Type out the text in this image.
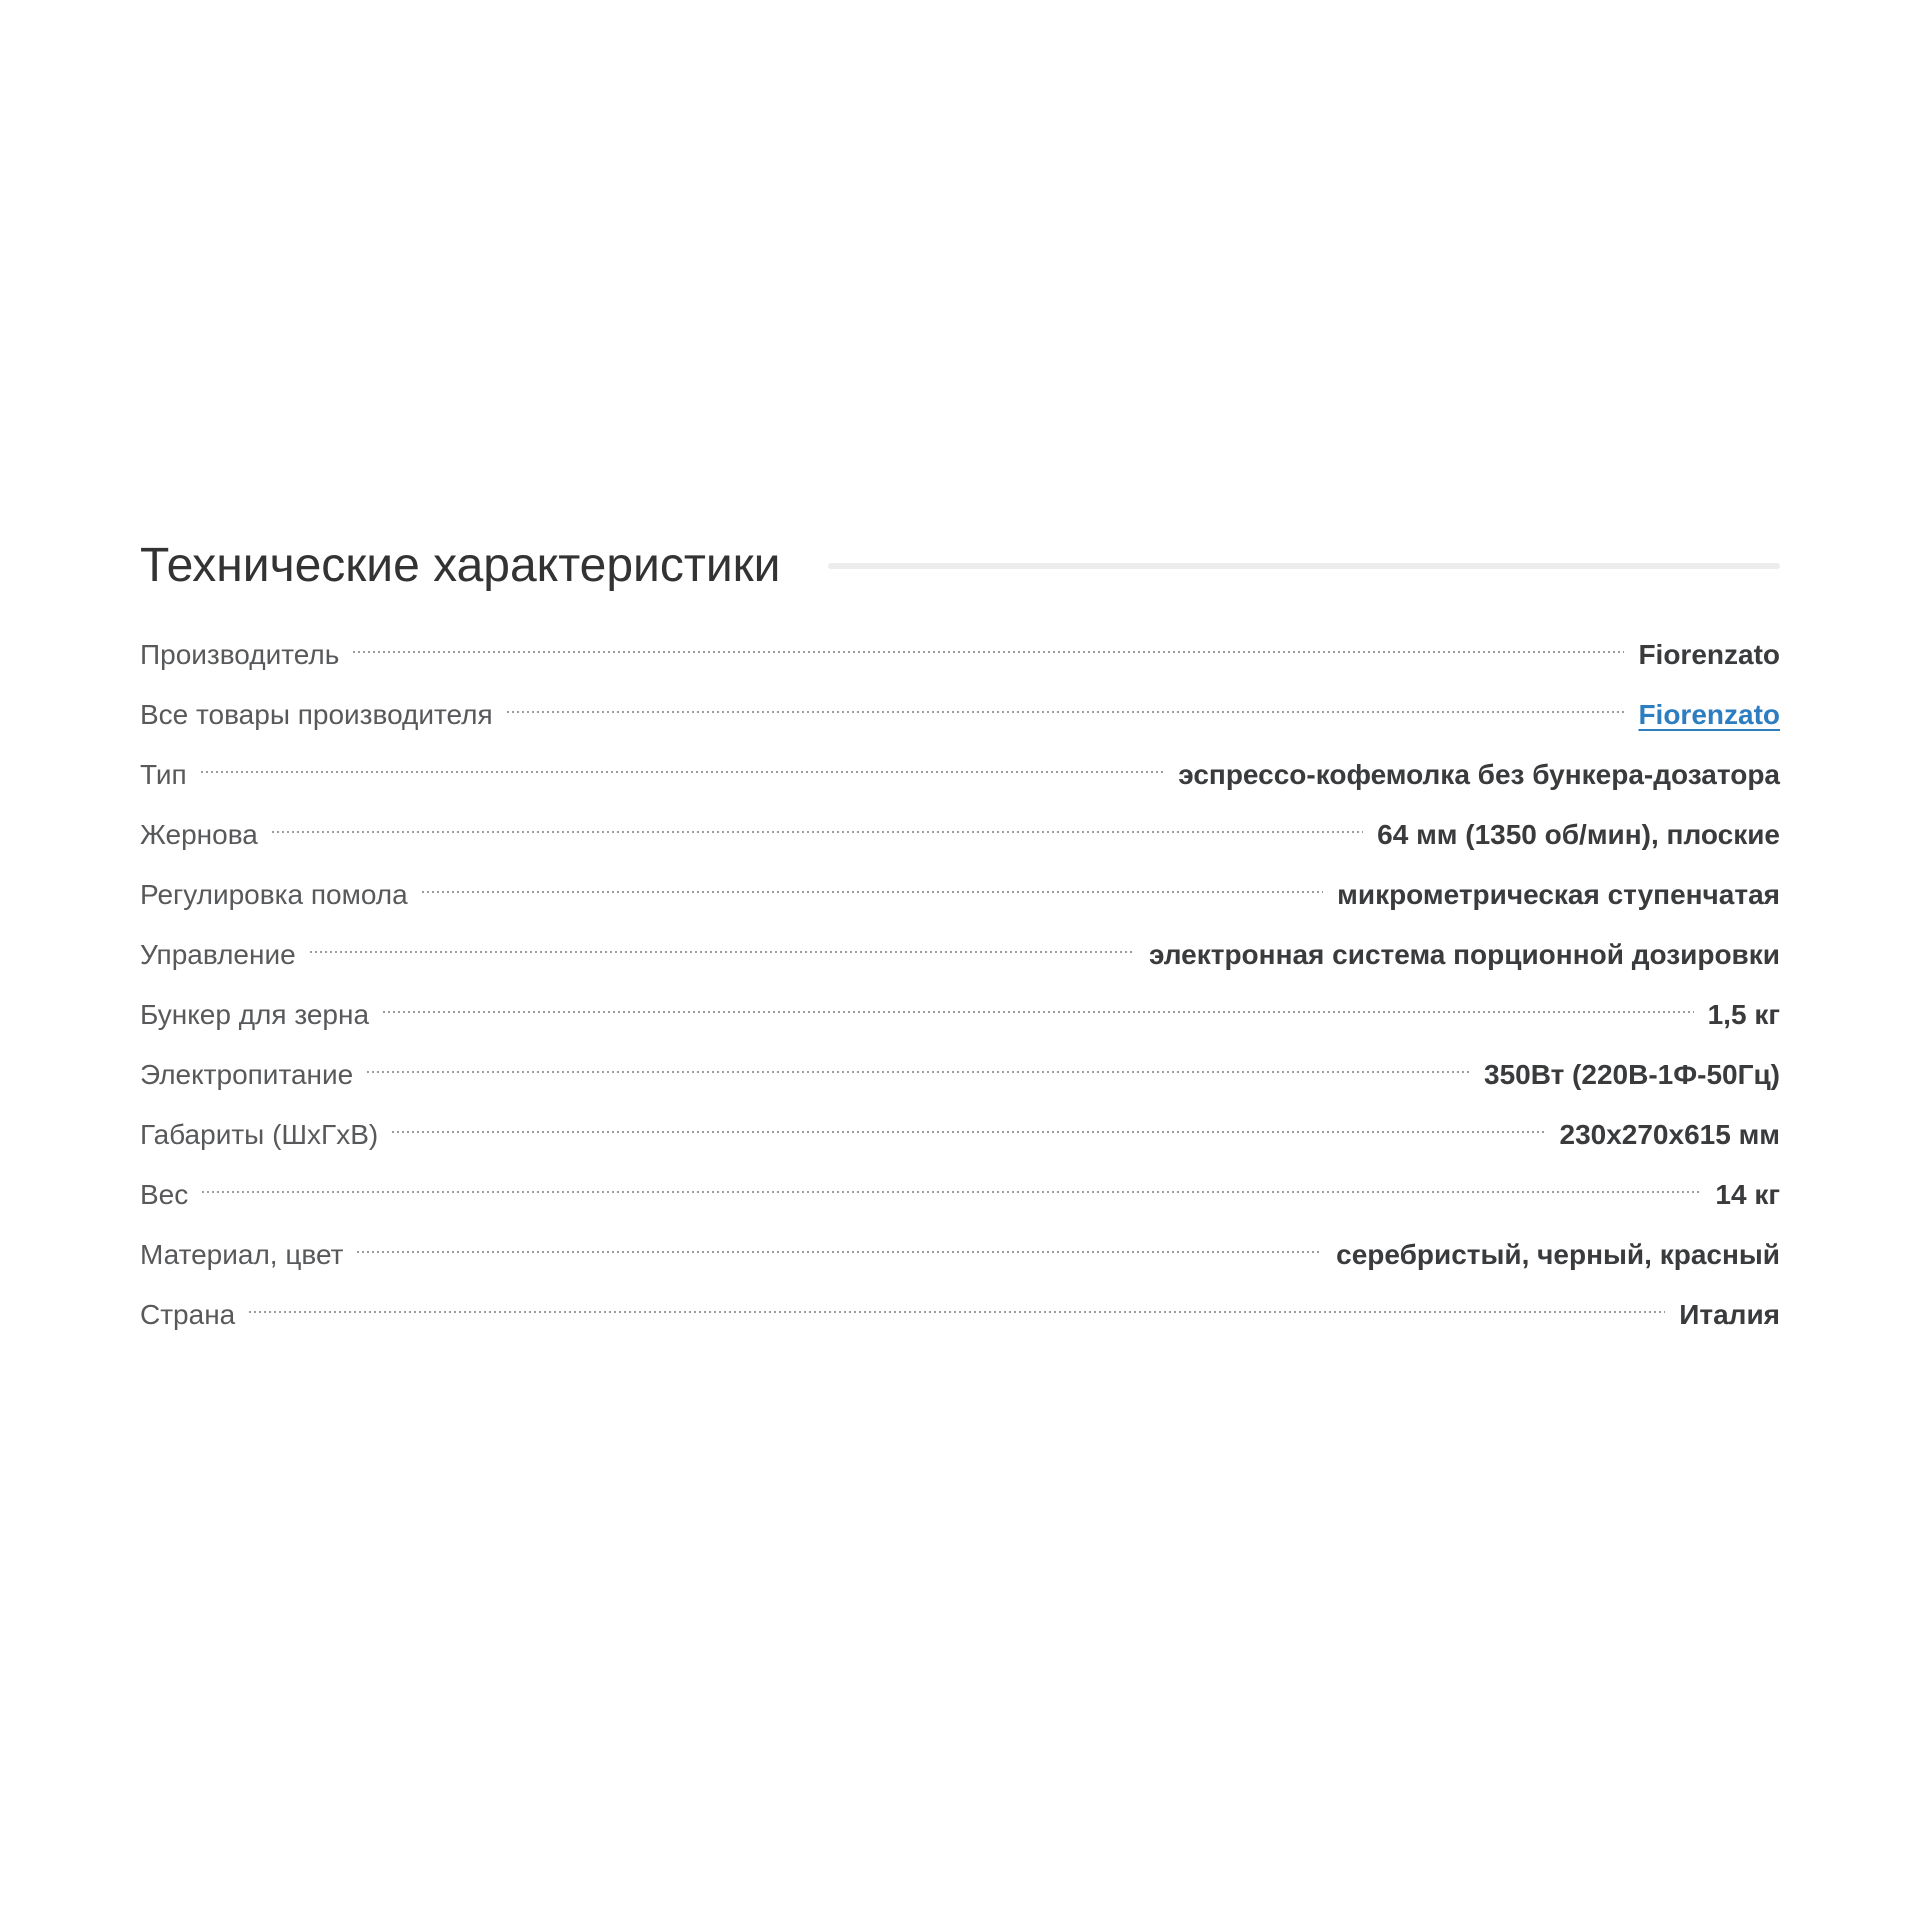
Технические характеристики
Производитель	Fiorenzato
Все товары производителя	Fiorenzato
Тип	эспрессо-кофемолка без бункера-дозатора
Жернова	64 мм (1350 об/мин), плоские
Регулировка помола	микрометрическая ступенчатая
Управление	электронная система порционной дозировки
Бункер для зерна	1,5 кг
Электропитание	350Вт (220В-1Ф-50Гц)
Габариты (ШхГхВ)	230x270x615 мм
Вес	14 кг
Материал, цвет	серебристый, черный, красный
Страна	Италия
